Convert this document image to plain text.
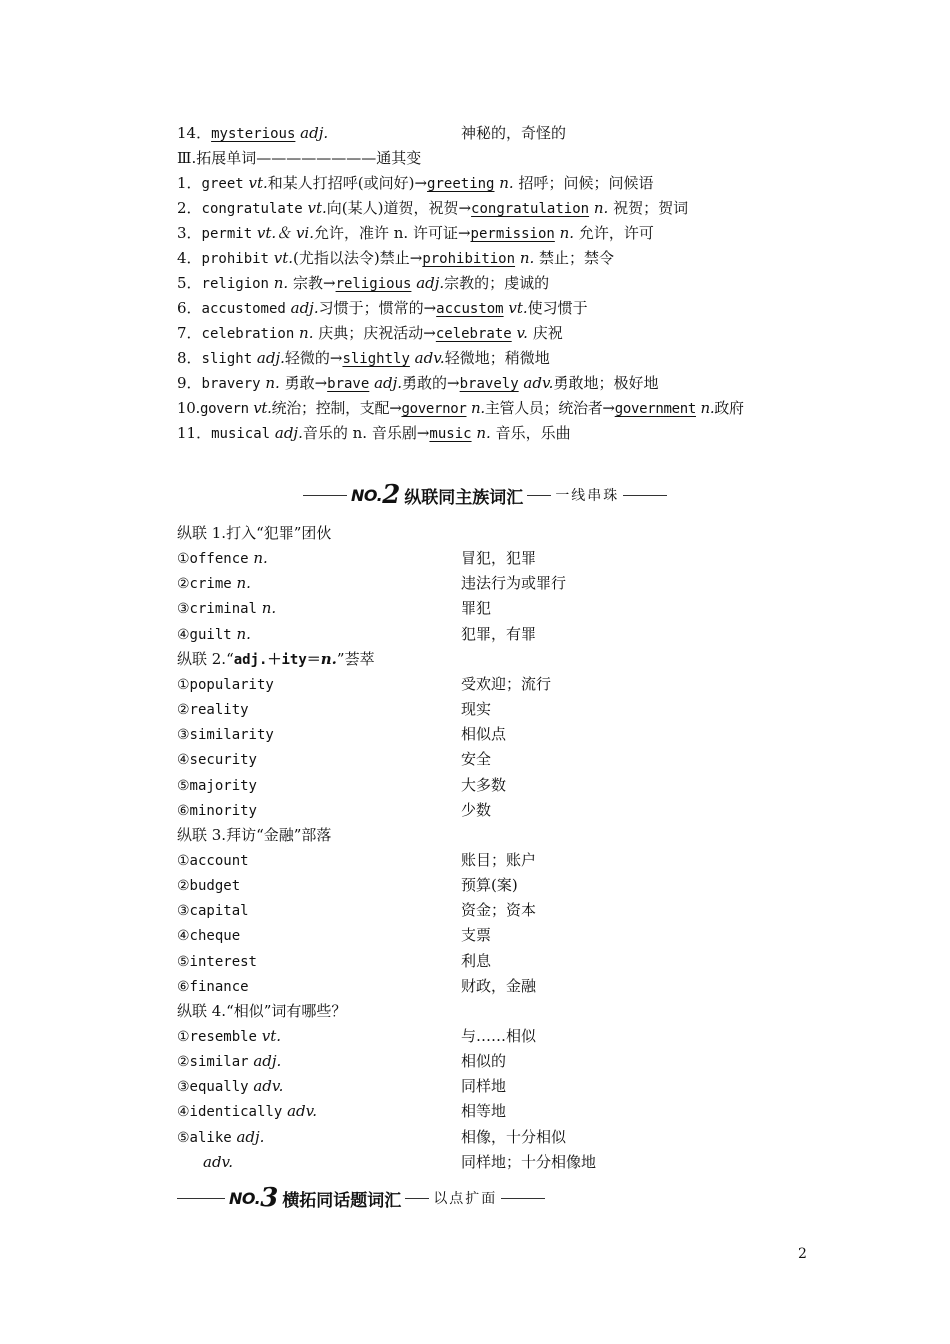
14．mysterious adj.	神秘的，奇怪的
Ⅲ.拓展单词————————通其变
1．greet vt.和某人打招呼(或问好)→greeting n. 招呼；问候；问候语
2．congratulate vt.向(某人)道贺，祝贺→congratulation n. 祝贺；贺词
3．permit vt.＆ vi.允许，准许 n. 许可证→permission n. 允许，许可
4．prohibit vt.(尤指以法令)禁止→prohibition n. 禁止；禁令
5．religion n. 宗教→religious adj.宗教的；虔诚的
6．accustomed adj.习惯于；惯常的→accustom vt.使习惯于
7．celebration n. 庆典；庆祝活动→celebrate v. 庆祝
8．slight adj.轻微的→slightly adv.轻微地；稍微地
9．bravery n. 勇敢→brave adj.勇敢的→bravely adv.勇敢地；极好地
10.govern vt.统治；控制，支配→governor n.主管人员；统治者→government n.政府
11．musical adj.音乐的 n. 音乐剧→music n. 音乐，乐曲
NO. 2 纵联同主族词汇 一线串珠
纵联 1.打入“犯罪”团伙
①offence n.	冒犯，犯罪
②crime n.	违法行为或罪行
③criminal n.	罪犯
④guilt n.	犯罪，有罪
纵联 2.“adj.＋ity＝n.”荟萃
①popularity	受欢迎；流行
②reality	现实
③similarity	相似点
④security	安全
⑤majority	大多数
⑥minority	少数
纵联 3.拜访“金融”部落
①account	账目；账户
②budget	预算(案)
③capital	资金；资本
④cheque	支票
⑤interest	利息
⑥finance	财政，金融
纵联 4.“相似”词有哪些？
①resemble vt.	与……相似
②similar adj.	相似的
③equally adv.	同样地
④identically adv.	相等地
⑤alike adj.	相像，十分相似
adv.	同样地；十分相像地
NO. 3 横拓同话题词汇 以点扩面
2
